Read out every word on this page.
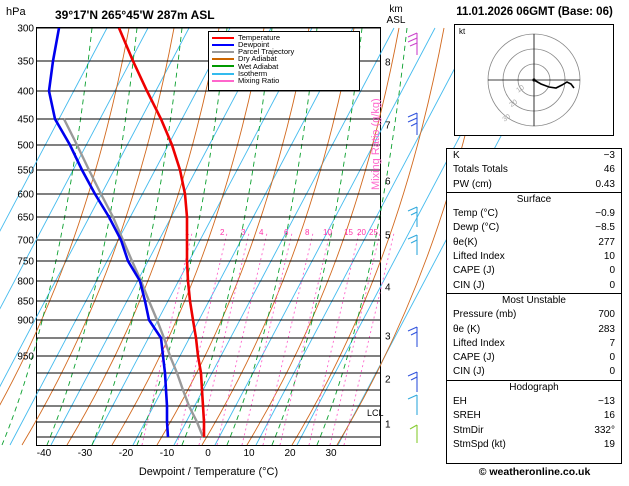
hPa 39°17'N 265°45'W 287m ASL	km
ASL
1	2 3 4	6 8 10 15 20 25
Temperature
Dewpoint
Parcel Trajectory
Dry Adiabat
Wet Adiabat
Isotherm
Mixing Ratio
300
350
400
450
500
550
600
650
700
750
800
850
900
950
-40	-30	-20	-10	0	10	20	30
Dewpoint / Temperature (°C)
Mixing Ratio (g/kg)
8
7
6
5
4
3
2
1
LCL
11.01.2026 06GMT (Base: 06)
kt
10
20
30
K	−3
Totals Totals	46
PW (cm)	0.43
Surface
Temp (°C)	−0.9
Dewp (°C)	−8.5
θe(K)	277
Lifted Index	10
CAPE (J)	0
CIN (J)	0
Most Unstable
Pressure (mb)	700
θe (K)	283
Lifted Index	7
CAPE (J)	0
CIN (J)	0
Hodograph
EH	−13
SREH	16
StmDir	332°
StmSpd (kt)	19
© weatheronline.co.uk
